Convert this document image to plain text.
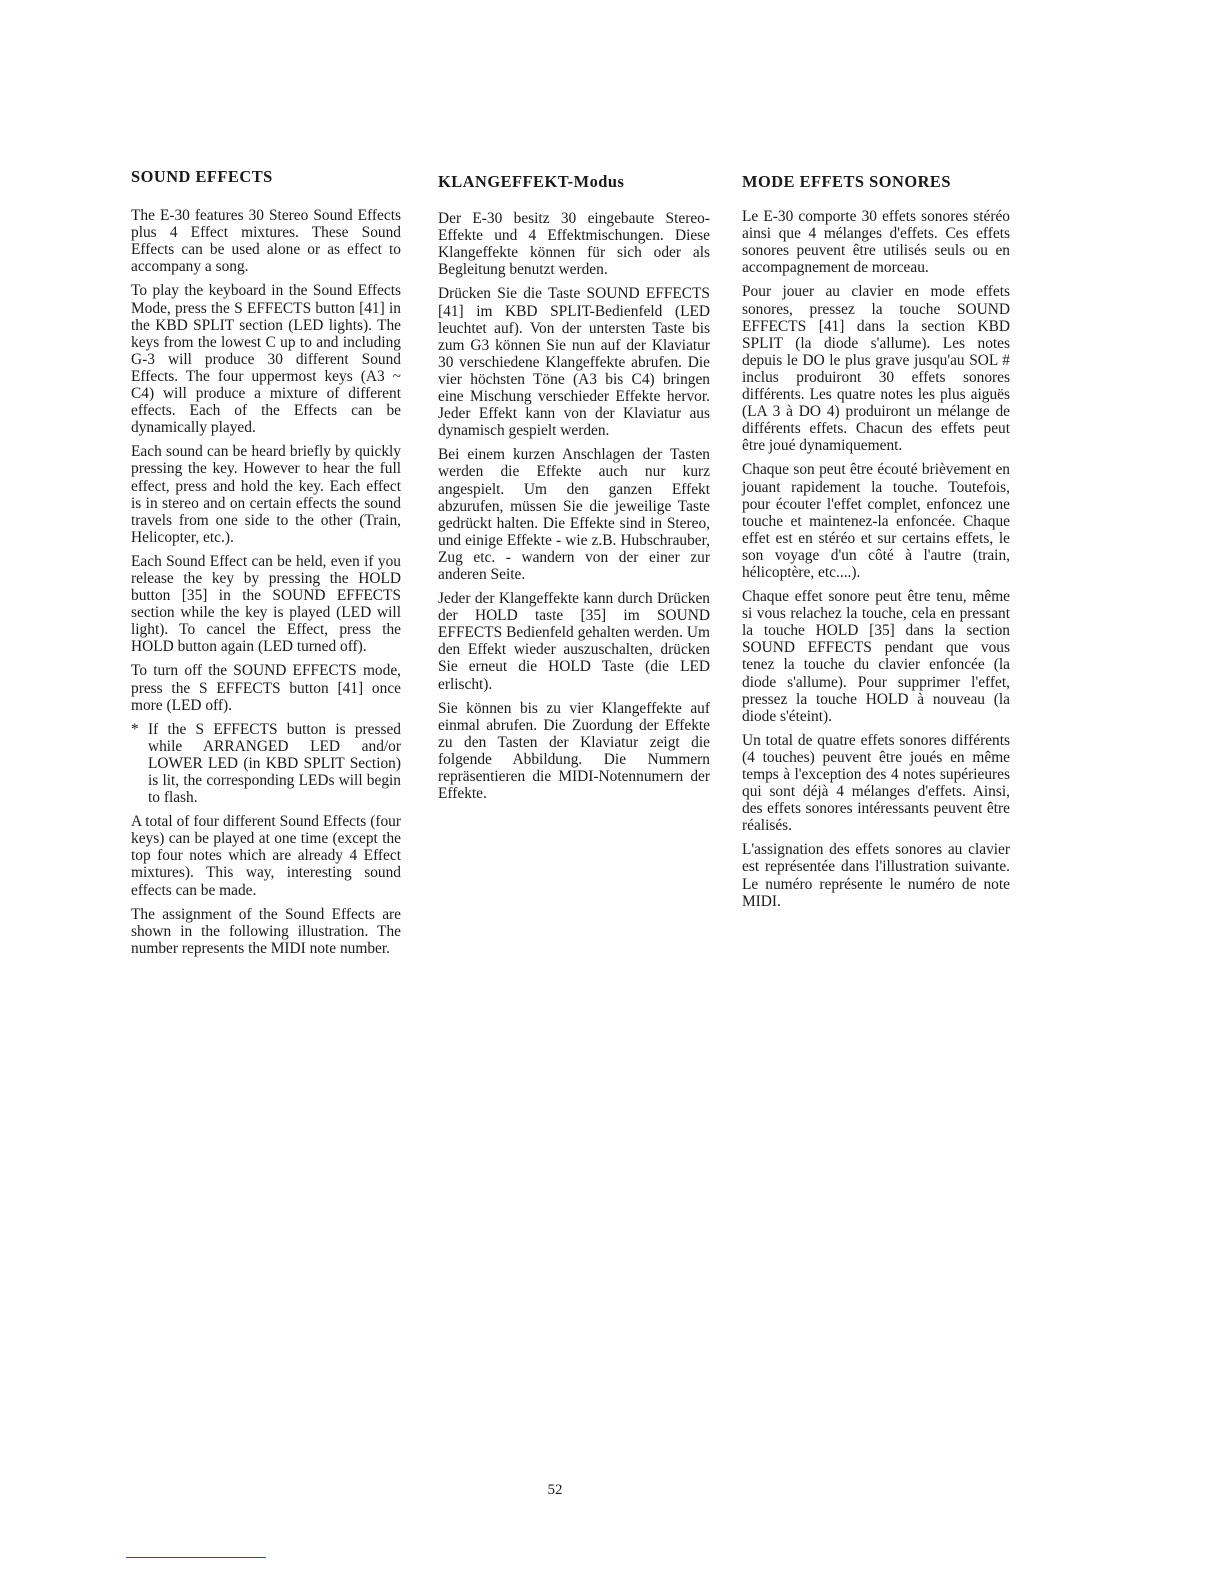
SOUND EFFECTS

The E-30 features 30 Stereo Sound Effects plus 4 Effect mixtures. These Sound Effects can be used alone or as effect to accompany a song.

To play the keyboard in the Sound Effects Mode, press the S EFFECTS button [41] in the KBD SPLIT section (LED lights). The keys from the lowest C up to and including G-3 will produce 30 different Sound Effects. The four uppermost keys (A3 ~ C4) will produce a mixture of different effects. Each of the Effects can be dynamically played.

Each sound can be heard briefly by quickly pressing the key. However to hear the full effect, press and hold the key. Each effect is in stereo and on certain effects the sound travels from one side to the other (Train, Helicopter, etc.).

Each Sound Effect can be held, even if you release the key by pressing the HOLD button [35] in the SOUND EFFECTS section while the key is played (LED will light). To cancel the Effect, press the HOLD button again (LED turned off).

To turn off the SOUND EFFECTS mode, press the S EFFECTS button [41] once more (LED off).

* If the S EFFECTS button is pressed while ARRANGED LED and/or LOWER LED (in KBD SPLIT Section) is lit, the corresponding LEDs will begin to flash.

A total of four different Sound Effects (four keys) can be played at one time (except the top four notes which are already 4 Effect mixtures). This way, interesting sound effects can be made.

The assignment of the Sound Effects are shown in the following illustration. The number represents the MIDI note number.

KLANGEFFEKT-Modus

Der E-30 besitz 30 eingebaute Stereo-Effekte und 4 Effektmischungen. Diese Klangeffekte können für sich oder als Begleitung benutzt werden.

Drücken Sie die Taste SOUND EFFECTS [41] im KBD SPLIT-Bedienfeld (LED leuchtet auf). Von der untersten Taste bis zum G3 können Sie nun auf der Klaviatur 30 verschiedene Klangeffekte abrufen. Die vier höchsten Töne (A3 bis C4) bringen eine Mischung verschieder Effekte hervor. Jeder Effekt kann von der Klaviatur aus dynamisch gespielt werden.

Bei einem kurzen Anschlagen der Tasten werden die Effekte auch nur kurz angespielt. Um den ganzen Effekt abzurufen, müssen Sie die jeweilige Taste gedrückt halten. Die Effekte sind in Stereo, und einige Effekte - wie z.B. Hubschrauber, Zug etc. - wandern von der einer zur anderen Seite.

Jeder der Klangeffekte kann durch Drücken der HOLD taste [35] im SOUND EFFECTS Bedienfeld gehalten werden. Um den Effekt wieder auszuschalten, drücken Sie erneut die HOLD Taste (die LED erlischt).

Sie können bis zu vier Klangeffekte auf einmal abrufen. Die Zuordung der Effekte zu den Tasten der Klaviatur zeigt die folgende Abbildung. Die Nummern repräsentieren die MIDI-Notennumern der Effekte.

MODE EFFETS SONORES

Le E-30 comporte 30 effets sonores stéréo ainsi que 4 mélanges d'effets. Ces effets sonores peuvent être utilisés seuls ou en accompagnement de morceau.

Pour jouer au clavier en mode effets sonores, pressez la touche SOUND EFFECTS [41] dans la section KBD SPLIT (la diode s'allume). Les notes depuis le DO le plus grave jusqu'au SOL # inclus produiront 30 effets sonores différents. Les quatre notes les plus aiguës (LA 3 à DO 4) produiront un mélange de différents effets. Chacun des effets peut être joué dynamiquement.

Chaque son peut être écouté brièvement en jouant rapidement la touche. Toutefois, pour écouter l'effet complet, enfoncez une touche et maintenez-la enfoncée. Chaque effet est en stéréo et sur certains effets, le son voyage d'un côté à l'autre (train, hélicoptère, etc....).

Chaque effet sonore peut être tenu, même si vous relachez la touche, cela en pressant la touche HOLD [35] dans la section SOUND EFFECTS pendant que vous tenez la touche du clavier enfoncée (la diode s'allume). Pour supprimer l'effet, pressez la touche HOLD à nouveau (la diode s'éteint).

Un total de quatre effets sonores différents (4 touches) peuvent être joués en même temps à l'exception des 4 notes supérieures qui sont déjà 4 mélanges d'effets. Ainsi, des effets sonores intéressants peuvent être réalisés.

L'assignation des effets sonores au clavier est représentée dans l'illustration suivante. Le numéro représente le numéro de note MIDI.

52
